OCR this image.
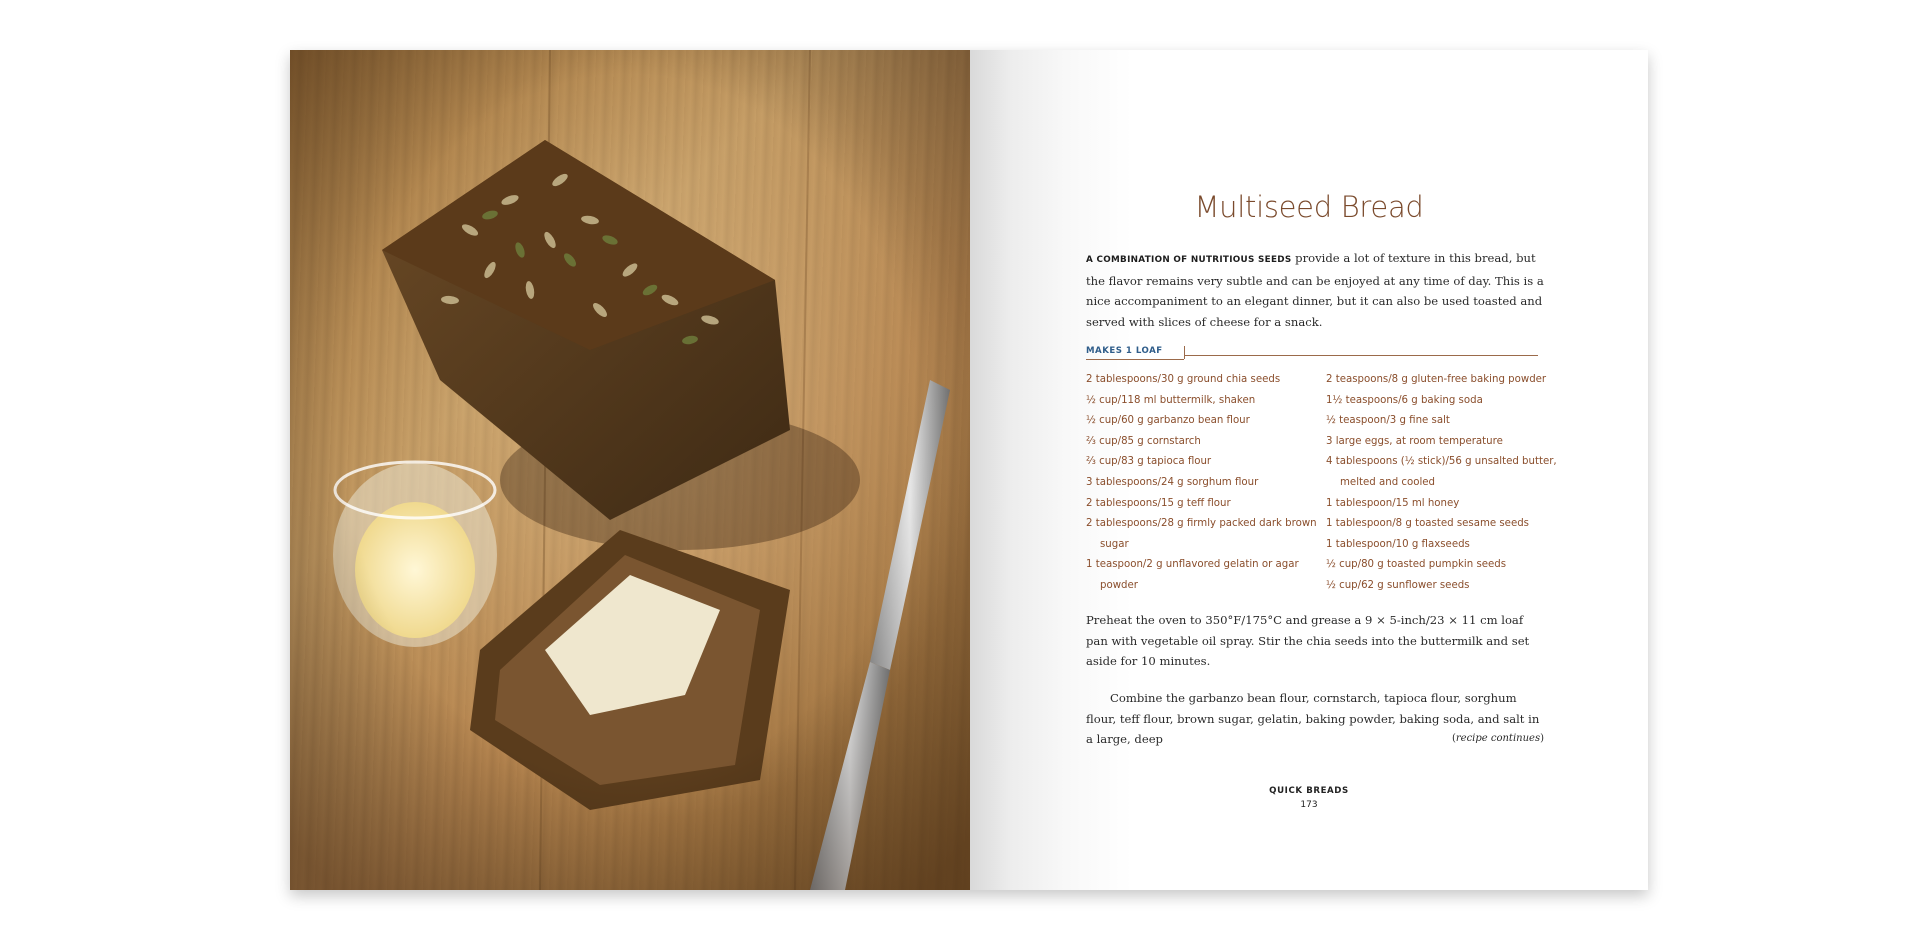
Multiseed Bread

A COMBINATION OF NUTRITIOUS SEEDS provide a lot of texture in this bread, but the flavor remains very subtle and can be enjoyed at any time of day. This is a nice accompaniment to an elegant dinner, but it can also be used toasted and served with slices of cheese for a snack.

MAKES 1 LOAF
2 tablespoons/30 g ground chia seeds
½ cup/118 ml buttermilk, shaken
½ cup/60 g garbanzo bean flour
⅔ cup/85 g cornstarch
⅔ cup/83 g tapioca flour
3 tablespoons/24 g sorghum flour
2 tablespoons/15 g teff flour
2 tablespoons/28 g firmly packed dark brown sugar
1 teaspoon/2 g unflavored gelatin or agar powder
2 teaspoons/8 g gluten-free baking powder
1½ teaspoons/6 g baking soda
½ teaspoon/3 g fine salt
3 large eggs, at room temperature
4 tablespoons (½ stick)/56 g unsalted butter, melted and cooled
1 tablespoon/15 ml honey
1 tablespoon/8 g toasted sesame seeds
1 tablespoon/10 g flaxseeds
½ cup/80 g toasted pumpkin seeds
½ cup/62 g sunflower seeds

Preheat the oven to 350°F/175°C and grease a 9 × 5-inch/23 × 11 cm loaf pan with vegetable oil spray. Stir the chia seeds into the buttermilk and set aside for 10 minutes.

Combine the garbanzo bean flour, cornstarch, tapioca flour, sorghum flour, teff flour, brown sugar, gelatin, baking powder, baking soda, and salt in a large, deep	(recipe continues)
QUICK BREADS
173
